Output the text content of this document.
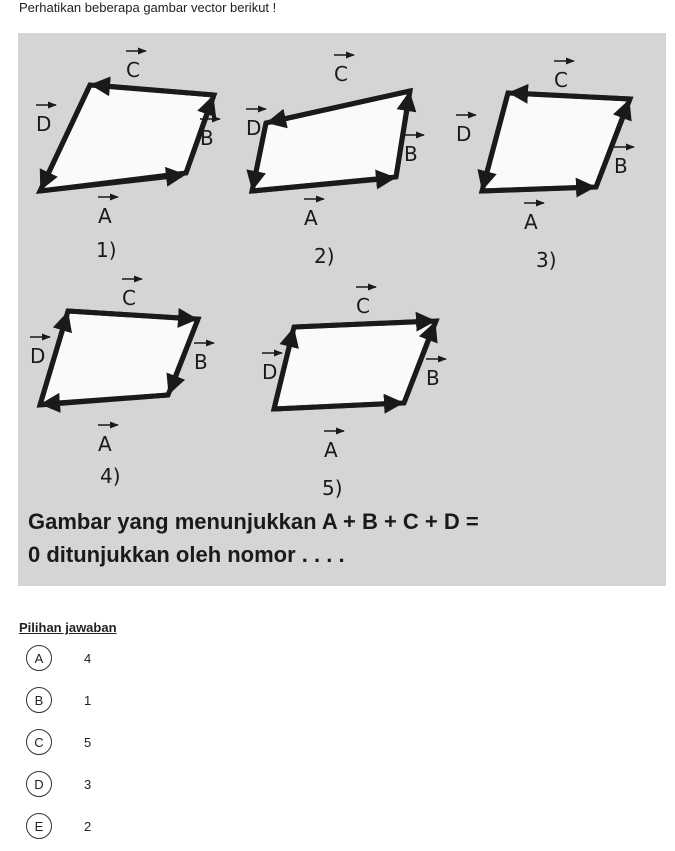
Perhatikan beberapa gambar vector berikut !
A
B
C
D
1)
A
B
C
D
2)
A
B
C
D
3)
A
B
C
D
4)
A
B
C
D
5)
Gambar yang menunjukkan A + B + C + D =
0 ditunjukkan oleh nomor . . . .
Pilihan jawaban
A	4
B	1
C	5
D	3
E	2
